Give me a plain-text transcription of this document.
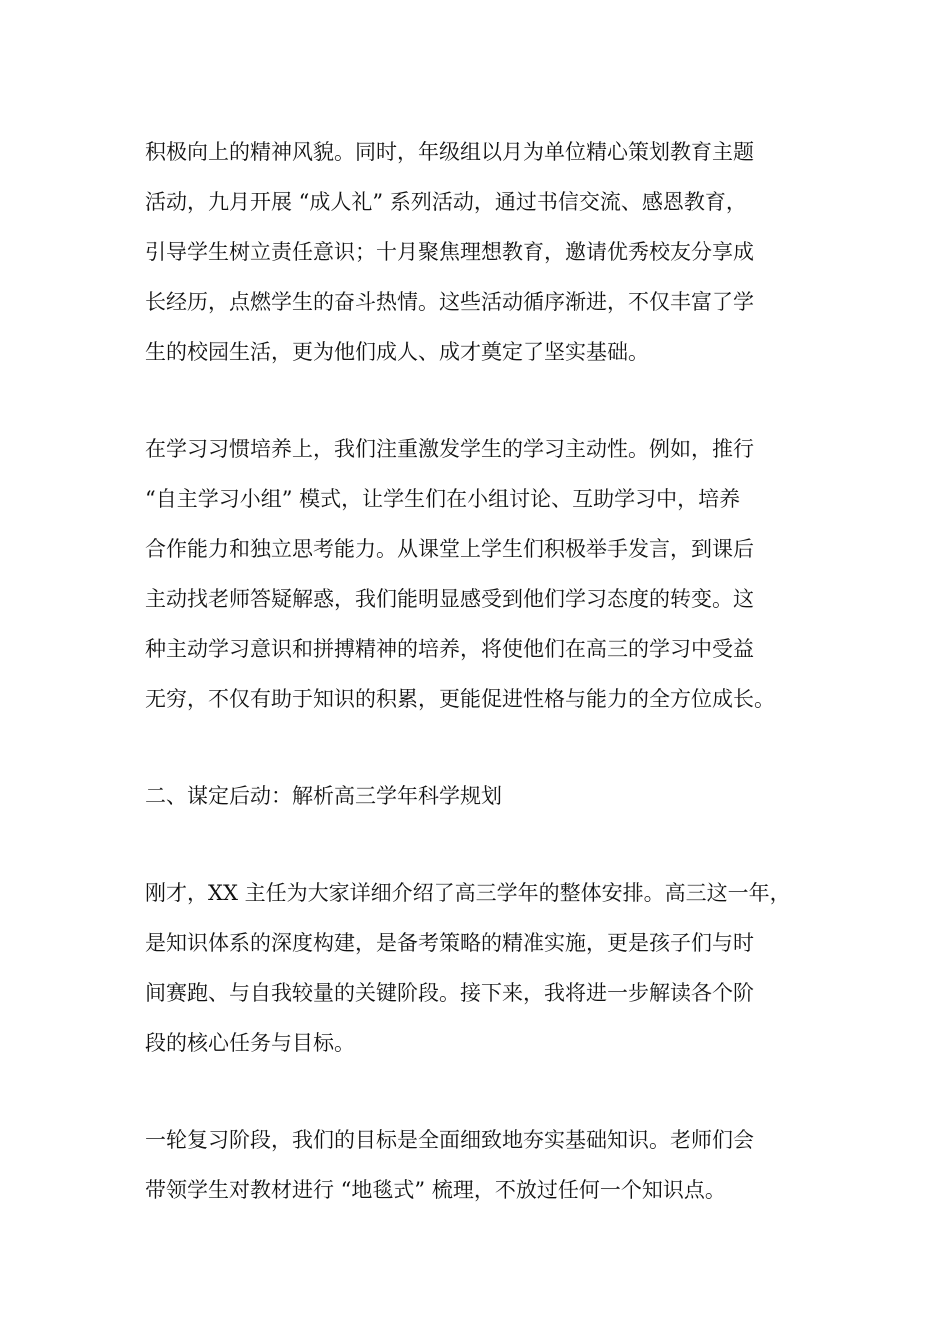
积极向上的精神风貌。同时，年级组以月为单位精心策划教育主题
活动，九月开展 “成人礼” 系列活动，通过书信交流、感恩教育，
引导学生树立责任意识；十月聚焦理想教育，邀请优秀校友分享成
长经历，点燃学生的奋斗热情。这些活动循序渐进，不仅丰富了学
生的校园生活，更为他们成人、成才奠定了坚实基础。
在学习习惯培养上，我们注重激发学生的学习主动性。例如，推行
“自主学习小组” 模式，让学生们在小组讨论、互助学习中，培养
合作能力和独立思考能力。从课堂上学生们积极举手发言，到课后
主动找老师答疑解惑，我们能明显感受到他们学习态度的转变。这
种主动学习意识和拼搏精神的培养，将使他们在高三的学习中受益
无穷，不仅有助于知识的积累，更能促进性格与能力的全方位成长。
二、谋定后动：解析高三学年科学规划
刚才，XX 主任为大家详细介绍了高三学年的整体安排。高三这一年，
是知识体系的深度构建，是备考策略的精准实施，更是孩子们与时
间赛跑、与自我较量的关键阶段。接下来，我将进一步解读各个阶
段的核心任务与目标。
一轮复习阶段，我们的目标是全面细致地夯实基础知识。老师们会
带领学生对教材进行 “地毯式” 梳理，不放过任何一个知识点。
